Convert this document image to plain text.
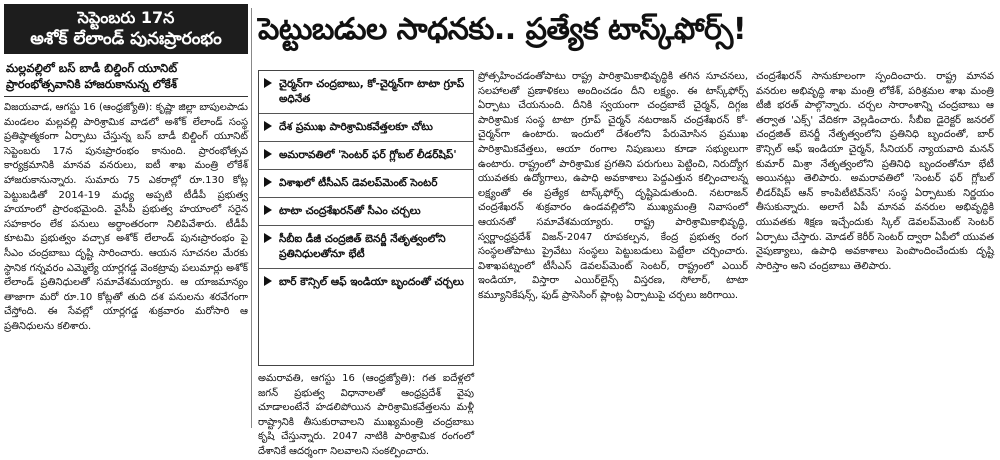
సెప్టెంబరు 17న
అశోక్ లేలాండ్ పునఃప్రారంభం
మల్లవల్లిలో బస్ బాడీ బిల్డింగ్ యూనిట్ ప్రారంభోత్సవానికి హాజరుకానున్న లోకేశ్

విజయవాడ, ఆగస్టు 16 (ఆంధ్రజ్యోతి): కృష్ణా జిల్లా బాపులపాడు మండలం మల్లవల్లి పారిశ్రామిక వాడలో అశోక్ లేలాండ్ సంస్థ ప్రతిష్ఠాత్మకంగా ఏర్పాటు చేస్తున్న బస్ బాడీ బిల్డింగ్ యూనిట్ సెప్టెంబరు 17న పునఃప్రారంభం కానుంది. ప్రారంభోత్సవ కార్యక్రమానికి మానవ వనరులు, ఐటీ శాఖ మంత్రి లోకేశ్ హాజరుకానున్నారు. సుమారు 75 ఎకరాల్లో రూ.130 కోట్ల పెట్టుబడితో 2014-19 మధ్య అప్పటి టీడీపీ ప్రభుత్వ హయాంలో ప్రారంభమైంది. వైసీపీ ప్రభుత్వ హయాంలో సరైన సహకారం లేక పనులు అర్ధాంతరంగా నిలిపివేశారు. టీడీపీ కూటమి ప్రభుత్వం వచ్చాక అశోక్ లేలాండ్ పునఃప్రారంభం పై సీఎం చంద్రబాబు దృష్టి సారించారు. ఆయన సూచనల మేరకు స్థానిక గన్నవరం ఎమ్మెల్యే యార్లగడ్డ వెంకట్రావు పలుమార్లు అశోక్ లేలాండ్ ప్రతినిధులతో సమావేశమయ్యారు. ఆ యాజమాన్యం తాజాగా మరో రూ.10 కోట్లతో తుది దశ పనులను శరవేగంగా చేస్తోంది. ఈ సేవల్లో యార్లగడ్డ శుక్రవారం మరోసారి ఆ ప్రతినిధులను కలిశారు.

పెట్టుబడుల సాధనకు.. ప్రత్యేక టాస్క్‌ఫోర్స్!
చైర్మన్‌గా చంద్రబాబు, కో-చైర్మన్‌గా టాటా గ్రూప్ అధినేత
దేశ ప్రముఖ పారిశ్రామికవేత్తలకూ చోటు
అమరావతిలో 'సెంటర్ ఫర్ గ్లోబల్ లీడర్‌షిప్'
విశాఖలో టీసీఎస్ డెవలప్‌మెంట్ సెంటర్
టాటా చంద్రశేఖరన్‌తో సీఎం చర్చలు
సీబీఐ డీజీ చంద్రజిత్ బెనర్జీ నేతృత్వంలోని ప్రతినిధులతోనూ భేటీ
బార్ కౌన్సిల్ ఆఫ్ ఇండియా బృందంతో చర్చలు

అమరావతి, ఆగస్టు 16 (ఆంధ్రజ్యోతి): గత ఐదేళ్లలో జగన్ ప్రభుత్వ విధానాలతో ఆంధ్రప్రదేశ్ వైపు చూడాలంటేనే హడలిపోయిన పారిశ్రామికవేత్తలను మళ్లీ రాష్ట్రానికి తీసుకురావాలని ముఖ్యమంత్రి చంద్రబాబు కృషి చేస్తున్నారు. 2047 నాటికి పారిశ్రామిక రంగంలో దేశానికే ఆదర్శంగా నిలవాలని సంకల్పించారు.

ప్రోత్సహించడంతోపాటు రాష్ట్ర పారిశ్రామికాభివృద్ధికి తగిన సూచనలు, సలహాలతో ప్రణాళికలు అందించడం దీని లక్ష్యం. ఈ టాస్క్‌ఫోర్స్ ఏర్పాటు చేయనుంది. దీనికి స్వయంగా చంద్రబాబే చైర్మన్, దిగ్గజ పారిశ్రామిక సంస్థ టాటా గ్రూప్ చైర్మన్ నటరాజన్ చంద్రశేఖరన్ కో-చైర్మన్‌గా ఉంటారు. ఇందులో దేశంలోని పేరుమోసిన ప్రముఖ పారిశ్రామికవేత్తలు, ఆయా రంగాల నిపుణులు కూడా సభ్యులుగా ఉంటారు. రాష్ట్రంలో పారిశ్రామిక ప్రగతిని పరుగులు పెట్టించి, నిరుద్యోగ యువతకు ఉద్యోగాలు, ఉపాధి అవకాశాలు పెద్దఎత్తున కల్పించాలన్న లక్ష్యంతో ఈ ప్రత్యేక టాస్క్‌ఫోర్స్ దృష్టిపెడుతుంది. నటరాజన్ చంద్రశేఖరన్ శుక్రవారం ఉండవల్లిలోని ముఖ్యమంత్రి నివాసంలో ఆయనతో సమావేశమయ్యారు. రాష్ట్ర పారిశ్రామికాభివృద్ధి, స్వర్ణాంధ్రప్రదేశ్ విజన్-2047 రూపకల్పన, కేంద్ర ప్రభుత్వ రంగ సంస్థలతోపాటు ప్రైవేటు సంస్థలు పెట్టుబడులు పెట్టేలా చర్చించారు. విశాఖపట్నంలో టీసీఎస్ డెవలప్‌మెంట్ సెంటర్, రాష్ట్రంలో ఎయిర్ ఇండియా, విస్తారా ఎయిర్‌లైన్స్ విస్తరణ, సోలార్, టాటా కమ్యూనికేషన్స్, ఫుడ్ ప్రాసెసింగ్ ప్లాంట్ల ఏర్పాటుపై చర్చలు జరిగాయి.

చంద్రశేఖరన్ సానుకూలంగా స్పందించారు. రాష్ట్ర మానవ వనరుల అభివృద్ధి శాఖ మంత్రి లోకేశ్, పరిశ్రమల శాఖ మంత్రి టీజీ భరత్ పాల్గొన్నారు. చర్చల సారాంశాన్ని చంద్రబాబు ఆ తర్వాత 'ఎక్స్' వేదికగా వెల్లడించారు. సీబీఐ డైరెక్టర్ జనరల్ చంద్రజిత్ బెనర్జీ నేతృత్వంలోని ప్రతినిధి బృందంతో, బార్ కౌన్సిల్ ఆఫ్ ఇండియా చైర్మన్, సీనియర్ న్యాయవాది మనన్ కుమార్ మిశ్రా నేతృత్వంలోని ప్రతినిధి బృందంతోనూ భేటీ అయినట్లు తెలిపారు. అమరావతిలో 'సెంటర్ ఫర్ గ్లోబల్ లీడర్‌షిప్ ఆన్ కాంపిటీటివ్‌నెస్' సంస్థ ఏర్పాటుకు నిర్ణయం తీసుకున్నారు. అలాగే ఏపీ మానవ వనరుల అభివృద్ధికి యువతకు శిక్షణ ఇచ్చేందుకు స్కిల్ డెవలప్‌మెంట్ సెంటర్ ఏర్పాటు చేస్తారు. మోడల్ కెరీర్ సెంటర్ ద్వారా ఏపీలో యువత నైపుణ్యాలు, ఉపాధి అవకాశాలు పెంపొందించేందుకు దృష్టి సారిస్తాం అని చంద్రబాబు తెలిపారు.
